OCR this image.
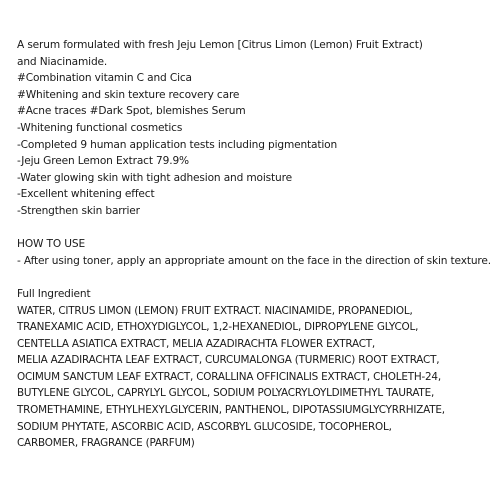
A serum formulated with fresh Jeju Lemon [Citrus Limon (Lemon) Fruit Extract)
and Niacinamide.
#Combination vitamin C and Cica
#Whitening and skin texture recovery care
#Acne traces #Dark Spot, blemishes Serum
-Whitening functional cosmetics
-Completed 9 human application tests including pigmentation
-Jeju Green Lemon Extract 79.9%
-Water glowing skin with tight adhesion and moisture
-Excellent whitening effect
-Strengthen skin barrier
HOW TO USE
- After using toner, apply an appropriate amount on the face in the direction of skin texture.
Full Ingredient
WATER, CITRUS LIMON (LEMON) FRUIT EXTRACT. NIACINAMIDE, PROPANEDIOL,
TRANEXAMIC ACID, ETHOXYDIGLYCOL, 1,2-HEXANEDIOL, DIPROPYLENE GLYCOL,
CENTELLA ASIATICA EXTRACT, MELIA AZADIRACHTA FLOWER EXTRACT,
MELIA AZADIRACHTA LEAF EXTRACT, CURCUMALONGA (TURMERIC) ROOT EXTRACT,
OCIMUM SANCTUM LEAF EXTRACT, CORALLINA OFFICINALIS EXTRACT, CHOLETH-24,
BUTYLENE GLYCOL, CAPRYLYL GLYCOL, SODIUM POLYACRYLOYLDIMETHYL TAURATE,
TROMETHAMINE, ETHYLHEXYLGLYCERIN, PANTHENOL, DIPOTASSIUMGLYCYRRHIZATE,
SODIUM PHYTATE, ASCORBIC ACID, ASCORBYL GLUCOSIDE, TOCOPHEROL,
CARBOMER, FRAGRANCE (PARFUM)
